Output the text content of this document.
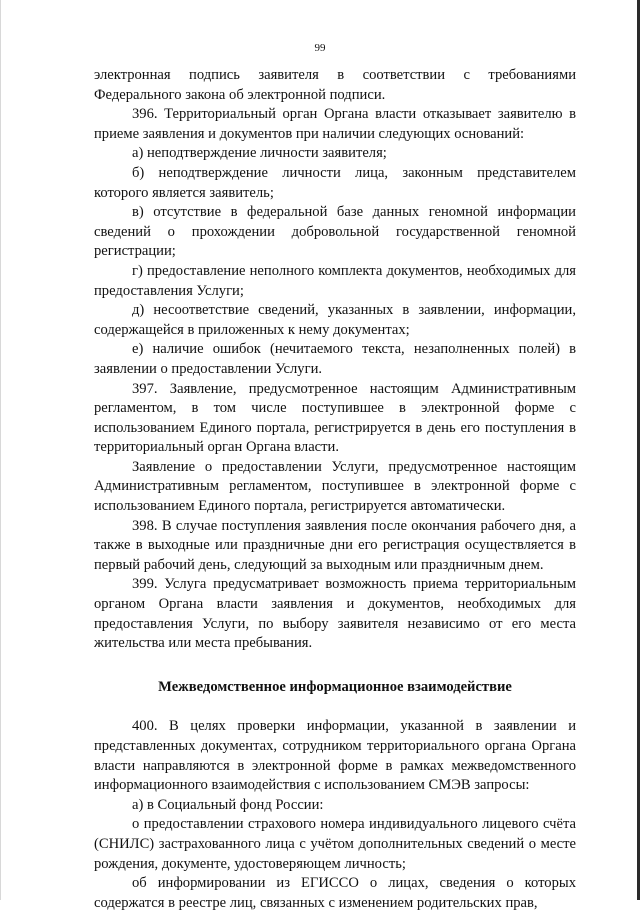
99

электронная подпись заявителя в соответствии с требованиями Федерального закона об электронной подписи.

396. Территориальный орган Органа власти отказывает заявителю в приеме заявления и документов при наличии следующих оснований:

а) неподтверждение личности заявителя;

б) неподтверждение личности лица, законным представителем которого является заявитель;

в) отсутствие в федеральной базе данных геномной информации сведений о прохождении добровольной государственной геномной регистрации;

г) предоставление неполного комплекта документов, необходимых для предоставления Услуги;

д) несоответствие сведений, указанных в заявлении, информации, содержащейся в приложенных к нему документах;

е) наличие ошибок (нечитаемого текста, незаполненных полей) в заявлении о предоставлении Услуги.

397. Заявление, предусмотренное настоящим Административным регламентом, в том числе поступившее в электронной форме с использованием Единого портала, регистрируется в день его поступления в территориальный орган Органа власти.

Заявление о предоставлении Услуги, предусмотренное настоящим Административным регламентом, поступившее в электронной форме с использованием Единого портала, регистрируется автоматически.

398. В случае поступления заявления после окончания рабочего дня, а также в выходные или праздничные дни его регистрация осуществляется в первый рабочий день, следующий за выходным или праздничным днем.

399. Услуга предусматривает возможность приема территориальным органом Органа власти заявления и документов, необходимых для предоставления Услуги, по выбору заявителя независимо от его места жительства или места пребывания.

Межведомственное информационное взаимодействие

400. В целях проверки информации, указанной в заявлении и представленных документах, сотрудником территориального органа Органа власти направляются в электронной форме в рамках межведомственного информационного взаимодействия с использованием СМЭВ запросы:

а) в Социальный фонд России:

о предоставлении страхового номера индивидуального лицевого счёта (СНИЛС) застрахованного лица с учётом дополнительных сведений о месте рождения, документе, удостоверяющем личность;

об информировании из ЕГИССО о лицах, сведения о которых содержатся в реестре лиц, связанных с изменением родительских прав,
